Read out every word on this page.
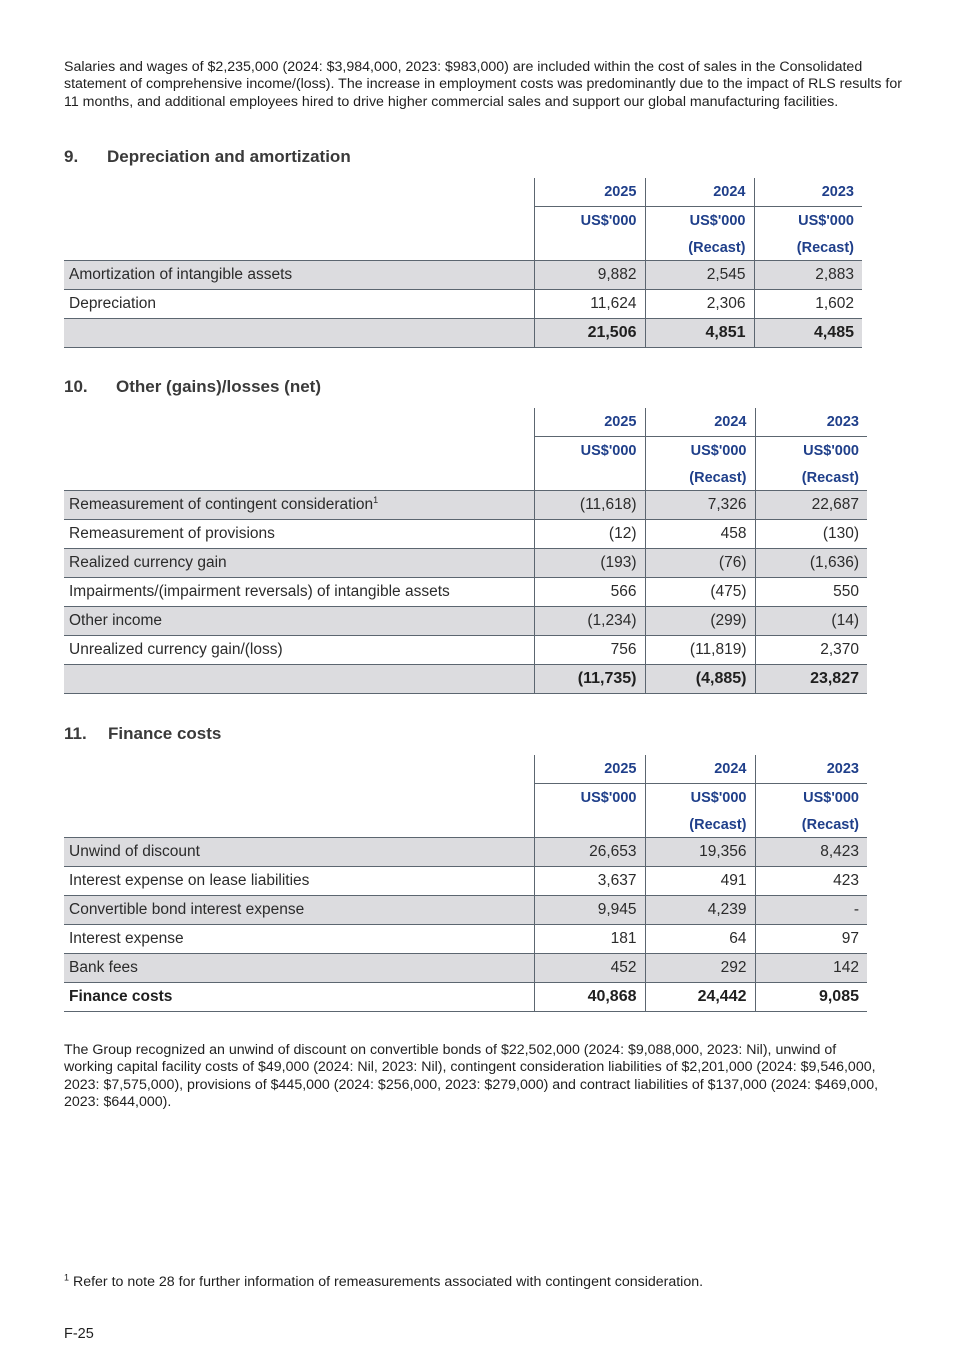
Salaries and wages of $2,235,000 (2024: $3,984,000, 2023: $983,000) are included within the cost of sales in the Consolidated statement of comprehensive income/(loss). The increase in employment costs was predominantly due to the impact of RLS results for 11 months, and additional employees hired to drive higher commercial sales and support our global manufacturing facilities.

9. Depreciation and amortization
	2025	2024	2023
	US$'000	US$'000	US$'000
		(Recast)	(Recast)
Amortization of intangible assets	9,882	2,545	2,883
Depreciation	11,624	2,306	1,602
	21,506	4,851	4,485
10. Other (gains)/losses (net)
	2025	2024	2023
	US$'000	US$'000	US$'000
		(Recast)	(Recast)
Remeasurement of contingent consideration$^1$	(11,618)	7,326	22,687
Remeasurement of provisions	(12)	458	(130)
Realized currency gain	(193)	(76)	(1,636)
Impairments/(impairment reversals) of intangible assets	566	(475)	550
Other income	(1,234)	(299)	(14)
Unrealized currency gain/(loss)	756	(11,819)	2,370
	(11,735)	(4,885)	23,827
11. Finance costs
	2025	2024	2023
	US$'000	US$'000	US$'000
		(Recast)	(Recast)
Unwind of discount	26,653	19,356	8,423
Interest expense on lease liabilities	3,637	491	423
Convertible bond interest expense	9,945	4,239	-
Interest expense	181	64	97
Bank fees	452	292	142
Finance costs	40,868	24,442	9,085

The Group recognized an unwind of discount on convertible bonds of $22,502,000 (2024: $9,088,000, 2023: Nil), unwind of working capital facility costs of $49,000 (2024: Nil, 2023: Nil), contingent consideration liabilities of $2,201,000 (2024: $9,546,000, 2023: $7,575,000), provisions of $445,000 (2024: $256,000, 2023: $279,000) and contract liabilities of $137,000 (2024: $469,000, 2023: $644,000).

$^1$ Refer to note 28 for further information of remeasurements associated with contingent consideration.
F-25
